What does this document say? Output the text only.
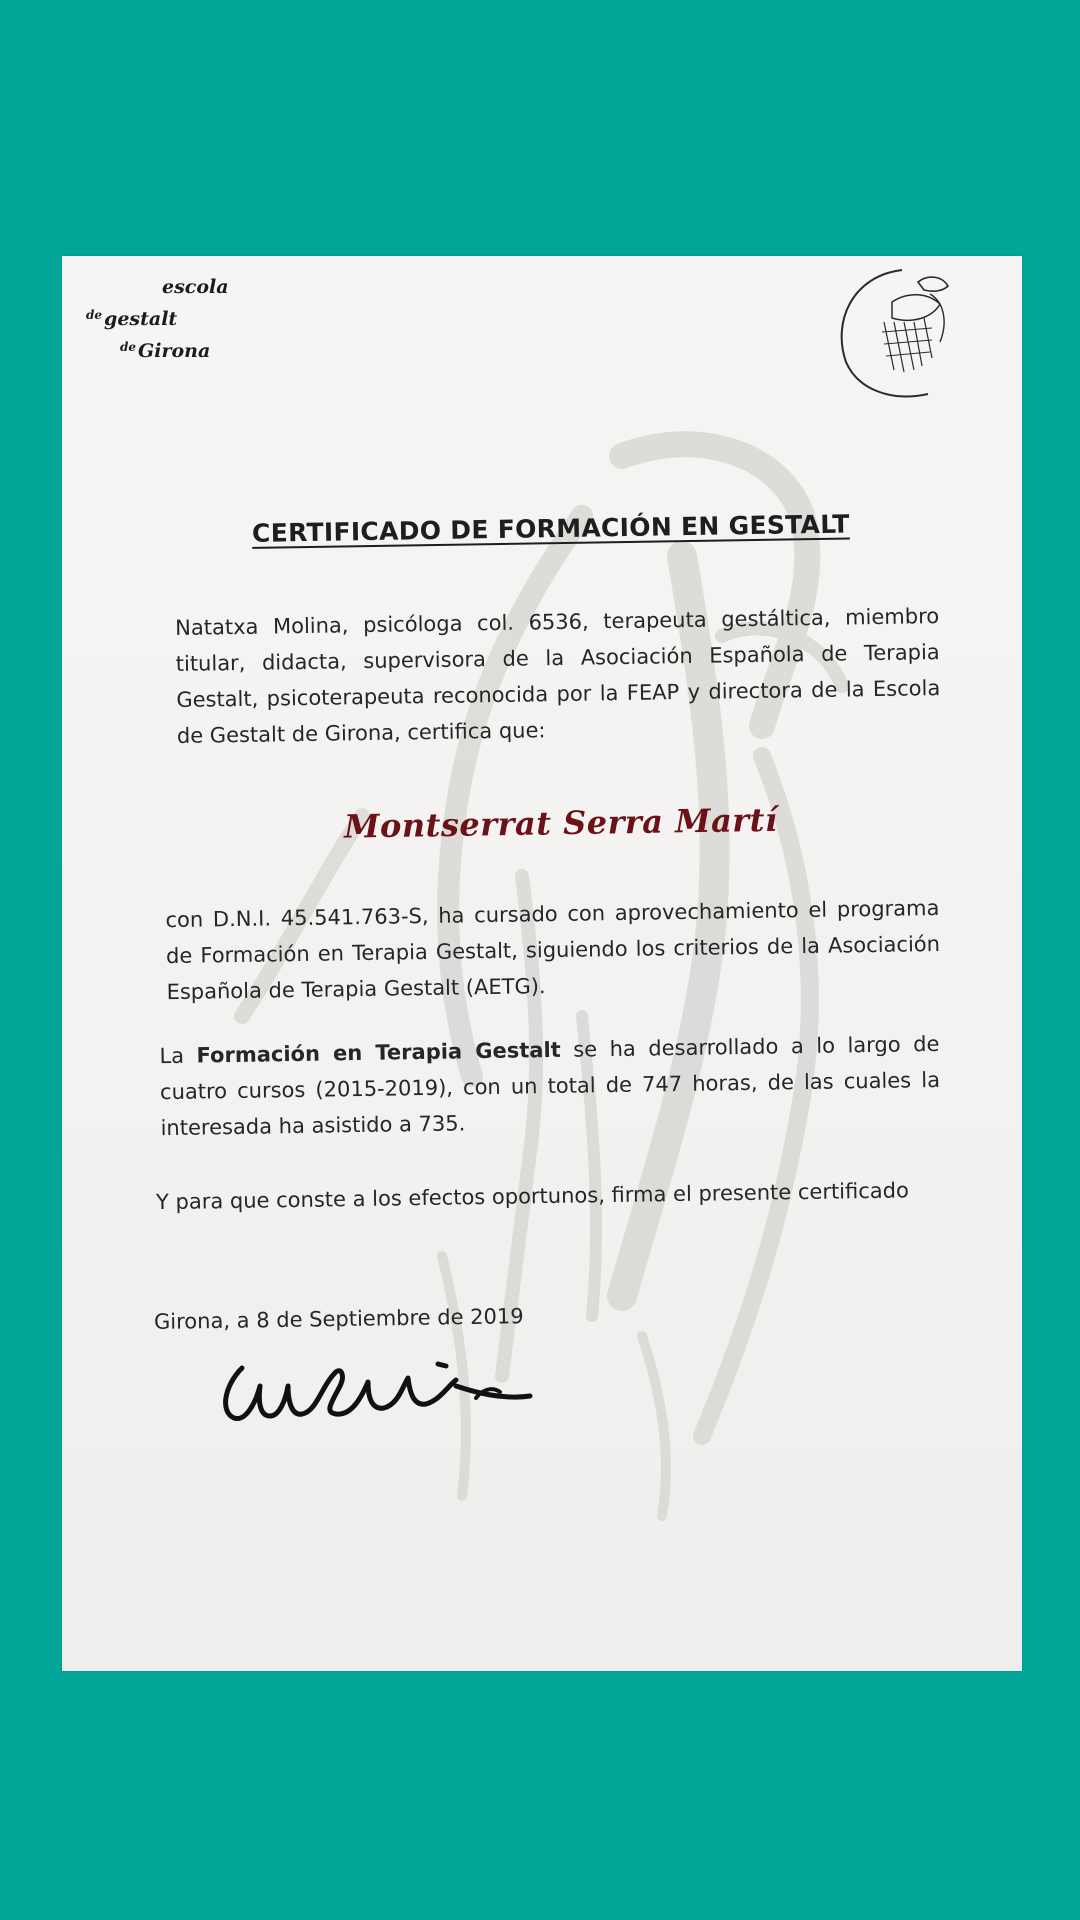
escola
$^{de}$ gestalt
$^{de}$ Girona
CERTIFICADO DE FORMACIÓN EN GESTALT
Natatxa Molina, psicóloga col. 6536, terapeuta gestáltica, miembro titular, didacta, supervisora de la Asociación Española de Terapia Gestalt, psicoterapeuta reconocida por la FEAP y directora de la Escola de Gestalt de Girona, certifica que:
Montserrat Serra Martí
con D.N.I. 45.541.763-S, ha cursado con aprovechamiento el programa de Formación en Terapia Gestalt, siguiendo los criterios de la Asociación Española de Terapia Gestalt (AETG).
La Formación en Terapia Gestalt se ha desarrollado a lo largo de cuatro cursos (2015-2019), con un total de 747 horas, de las cuales la interesada ha asistido a 735.
Y para que conste a los efectos oportunos, firma el presente certificado
Girona, a 8 de Septiembre de 2019
